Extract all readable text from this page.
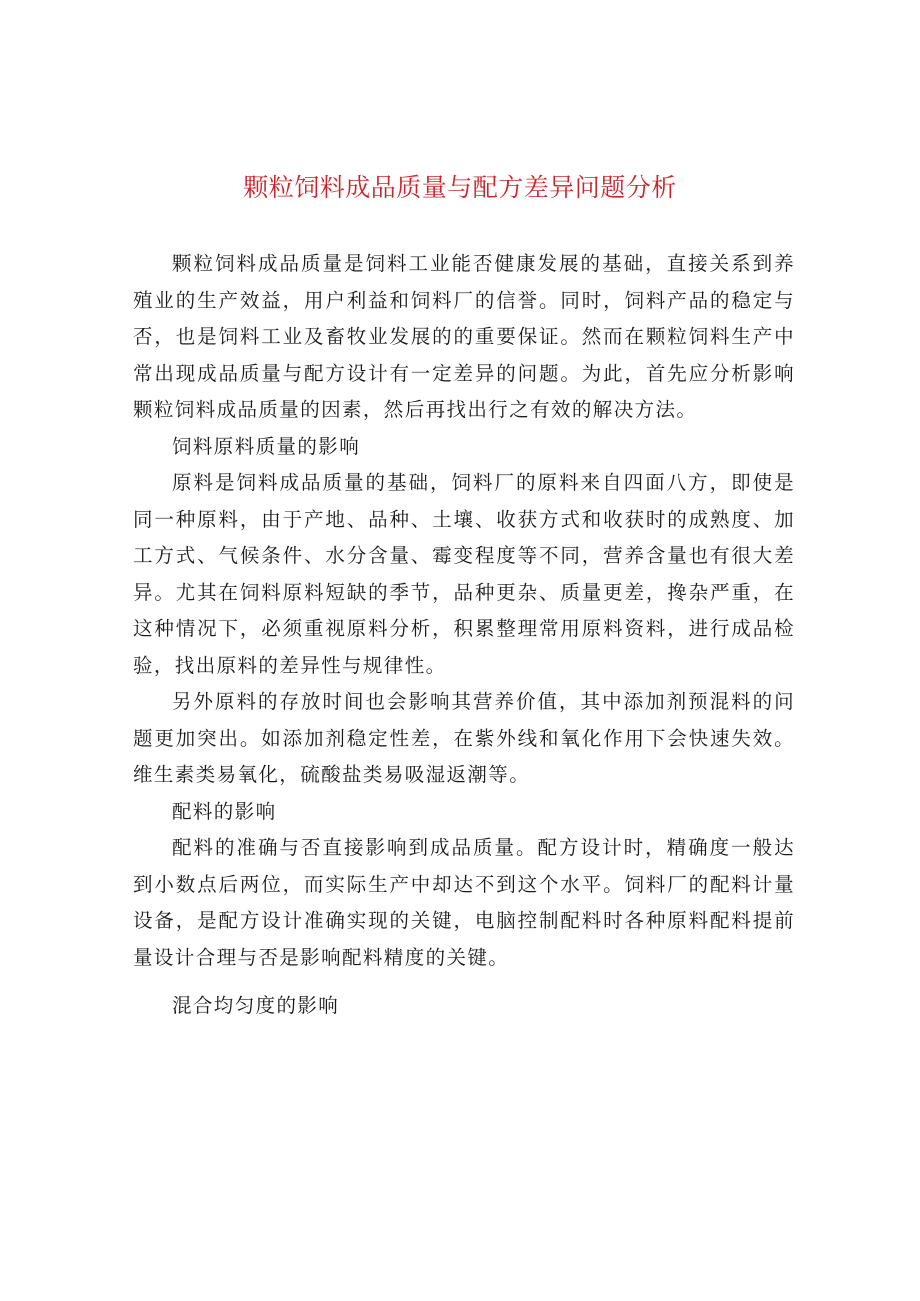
颗粒饲料成品质量与配方差异问题分析

颗粒饲料成品质量是饲料工业能否健康发展的基础，直接关系到养殖业的生产效益，用户利益和饲料厂的信誉。同时，饲料产品的稳定与否，也是饲料工业及畜牧业发展的的重要保证。然而在颗粒饲料生产中常出现成品质量与配方设计有一定差异的问题。为此，首先应分析影响颗粒饲料成品质量的因素，然后再找出行之有效的解决方法。

饲料原料质量的影响

原料是饲料成品质量的基础，饲料厂的原料来自四面八方，即使是同一种原料，由于产地、品种、土壤、收获方式和收获时的成熟度、加工方式、气候条件、水分含量、霉变程度等不同，营养含量也有很大差异。尤其在饲料原料短缺的季节，品种更杂、质量更差，搀杂严重，在这种情况下，必须重视原料分析，积累整理常用原料资料，进行成品检验，找出原料的差异性与规律性。

另外原料的存放时间也会影响其营养价值，其中添加剂预混料的问题更加突出。如添加剂稳定性差，在紫外线和氧化作用下会快速失效。维生素类易氧化，硫酸盐类易吸湿返潮等。

配料的影响

配料的准确与否直接影响到成品质量。配方设计时，精确度一般达到小数点后两位，而实际生产中却达不到这个水平。饲料厂的配料计量设备，是配方设计准确实现的关键，电脑控制配料时各种原料配料提前量设计合理与否是影响配料精度的关键。

混合均匀度的影响
